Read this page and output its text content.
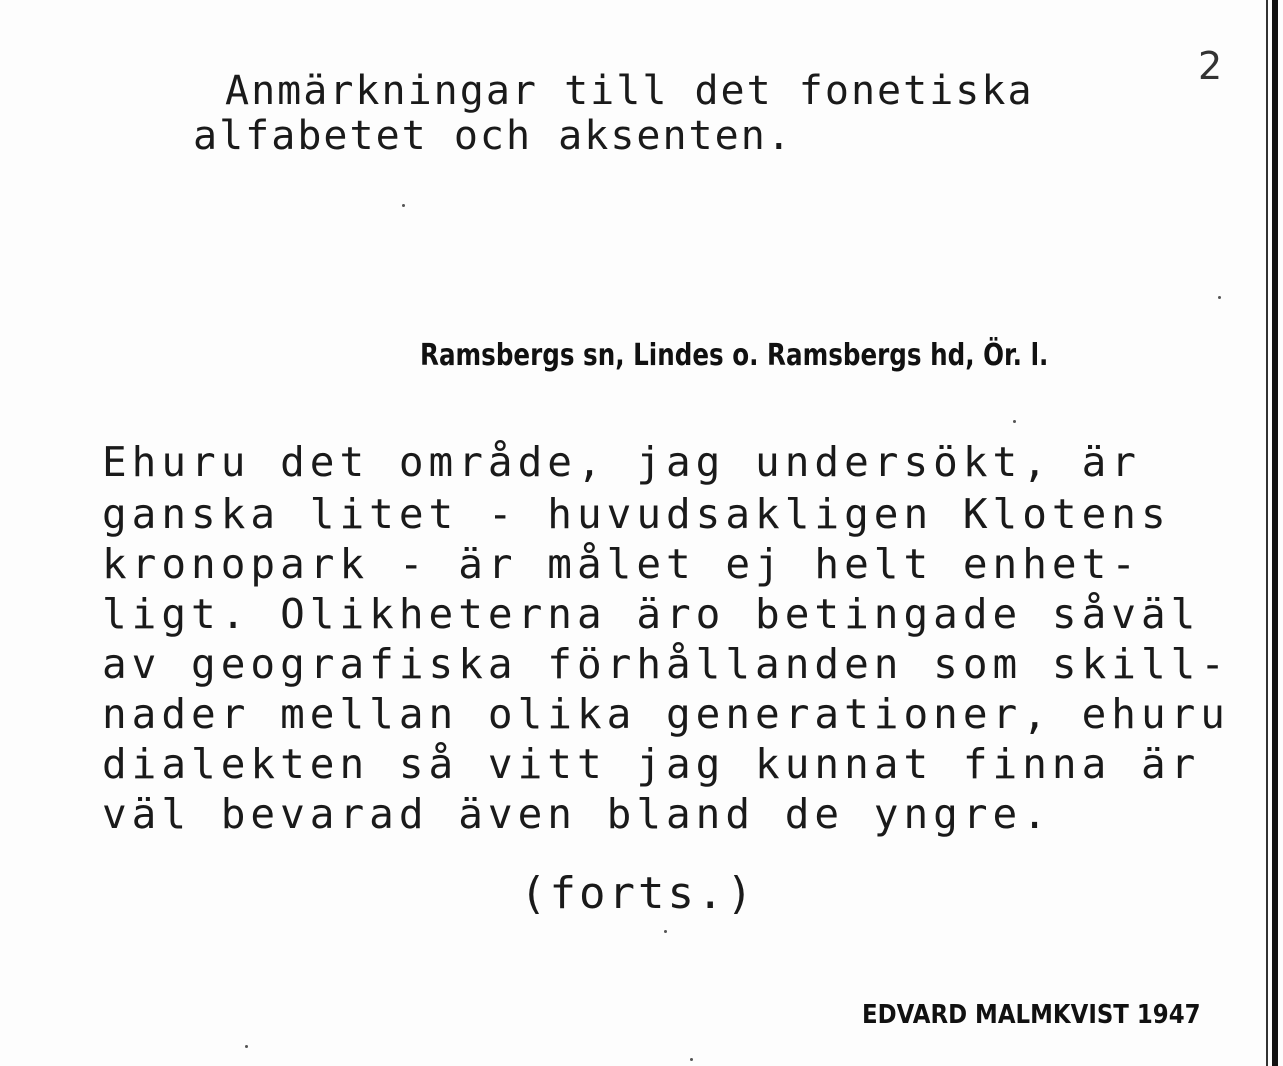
2
Anmärkningar till det fonetiska
alfabetet och aksenten.
Ramsbergs sn, Lindes o. Ramsbergs hd, Ör. l.
Ehuru det område, jag undersökt, är
ganska litet - huvudsakligen Klotens
kronopark - är målet ej helt enhet-
ligt. Olikheterna äro betingade såväl
av geografiska förhållanden som skill-
nader mellan olika generationer, ehuru
dialekten så vitt jag kunnat finna är
väl bevarad även bland de yngre.
(forts.)
EDVARD MALMKVIST 1947
